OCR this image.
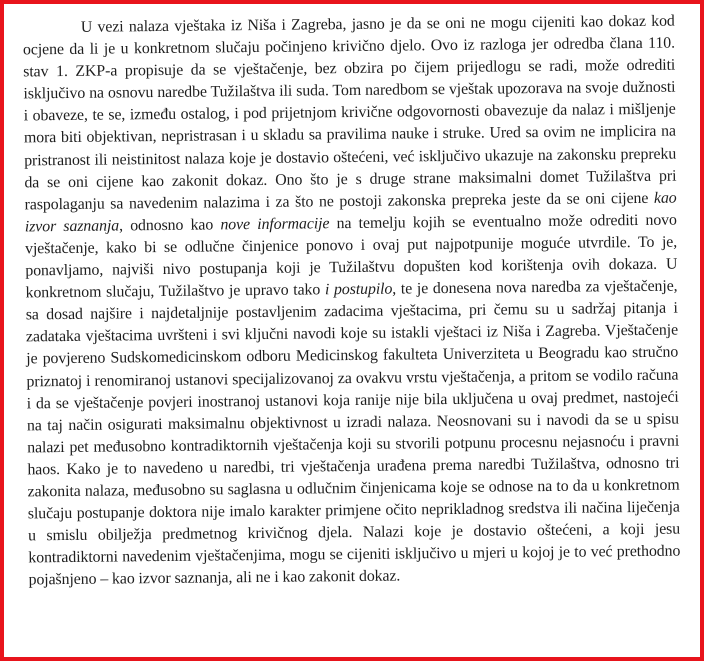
U vezi nalaza vještaka iz Niša i Zagreba, jasno je da se oni ne mogu cijeniti kao dokaz kod ocjene da li je u konkretnom slučaju počinjeno krivično djelo. Ovo iz razloga jer odredba člana 110. stav 1. ZKP-a propisuje da se vještačenje, bez obzira po čijem prijedlogu se radi, može odrediti isključivo na osnovu naredbe Tužilaštva ili suda. Tom naredbom se vještak upozorava na svoje dužnosti i obaveze, te se, između ostalog, i pod prijetnjom krivične odgovornosti obavezuje da nalaz i mišljenje mora biti objektivan, nepristrasan i u skladu sa pravilima nauke i struke. Ured sa ovim ne implicira na pristranost ili neistinitost nalaza koje je dostavio oštećeni, već isključivo ukazuje na zakonsku prepreku da se oni cijene kao zakonit dokaz. Ono što je s druge strane maksimalni domet Tužilaštva pri raspolaganju sa navedenim nalazima i za što ne postoji zakonska prepreka jeste da se oni cijene kao izvor saznanja, odnosno kao nove informacije na temelju kojih se eventualno može odrediti novo vještačenje, kako bi se odlučne činjenice ponovo i ovaj put najpotpunije moguće utvrdile. To je, ponavljamo, najviši nivo postupanja koji je Tužilaštvu dopušten kod korištenja ovih dokaza. U konkretnom slučaju, Tužilaštvo je upravo tako i postupilo, te je donesena nova naredba za vještačenje, sa dosad najšire i najdetaljnije postavljenim zadacima vještacima, pri čemu su u sadržaj pitanja i zadataka vještacima uvršteni i svi ključni navodi koje su istakli vještaci iz Niša i Zagreba. Vještačenje je povjereno Sudskomedicinskom odboru Medicinskog fakulteta Univerziteta u Beogradu kao stručno priznatoj i renomiranoj ustanovi specijalizovanoj za ovakvu vrstu vještačenja, a pritom se vodilo računa i da se vještačenje povjeri inostranoj ustanovi koja ranije nije bila uključena u ovaj predmet, nastojeći na taj način osigurati maksimalnu objektivnost u izradi nalaza. Neosnovani su i navodi da se u spisu nalazi pet međusobno kontradiktornih vještačenja koji su stvorili potpunu procesnu nejasnoću i pravni haos. Kako je to navedeno u naredbi, tri vještačenja urađena prema naredbi Tužilaštva, odnosno tri zakonita nalaza, međusobno su saglasna u odlučnim činjenicama koje se odnose na to da u konkretnom slučaju postupanje doktora nije imalo karakter primjene očito neprikladnog sredstva ili načina liječenja u smislu obilježja predmetnog krivičnog djela. Nalazi koje je dostavio oštećeni, a koji jesu kontradiktorni navedenim vještačenjima, mogu se cijeniti isključivo u mjeri u kojoj je to već prethodno pojašnjeno – kao izvor saznanja, ali ne i kao zakonit dokaz.
